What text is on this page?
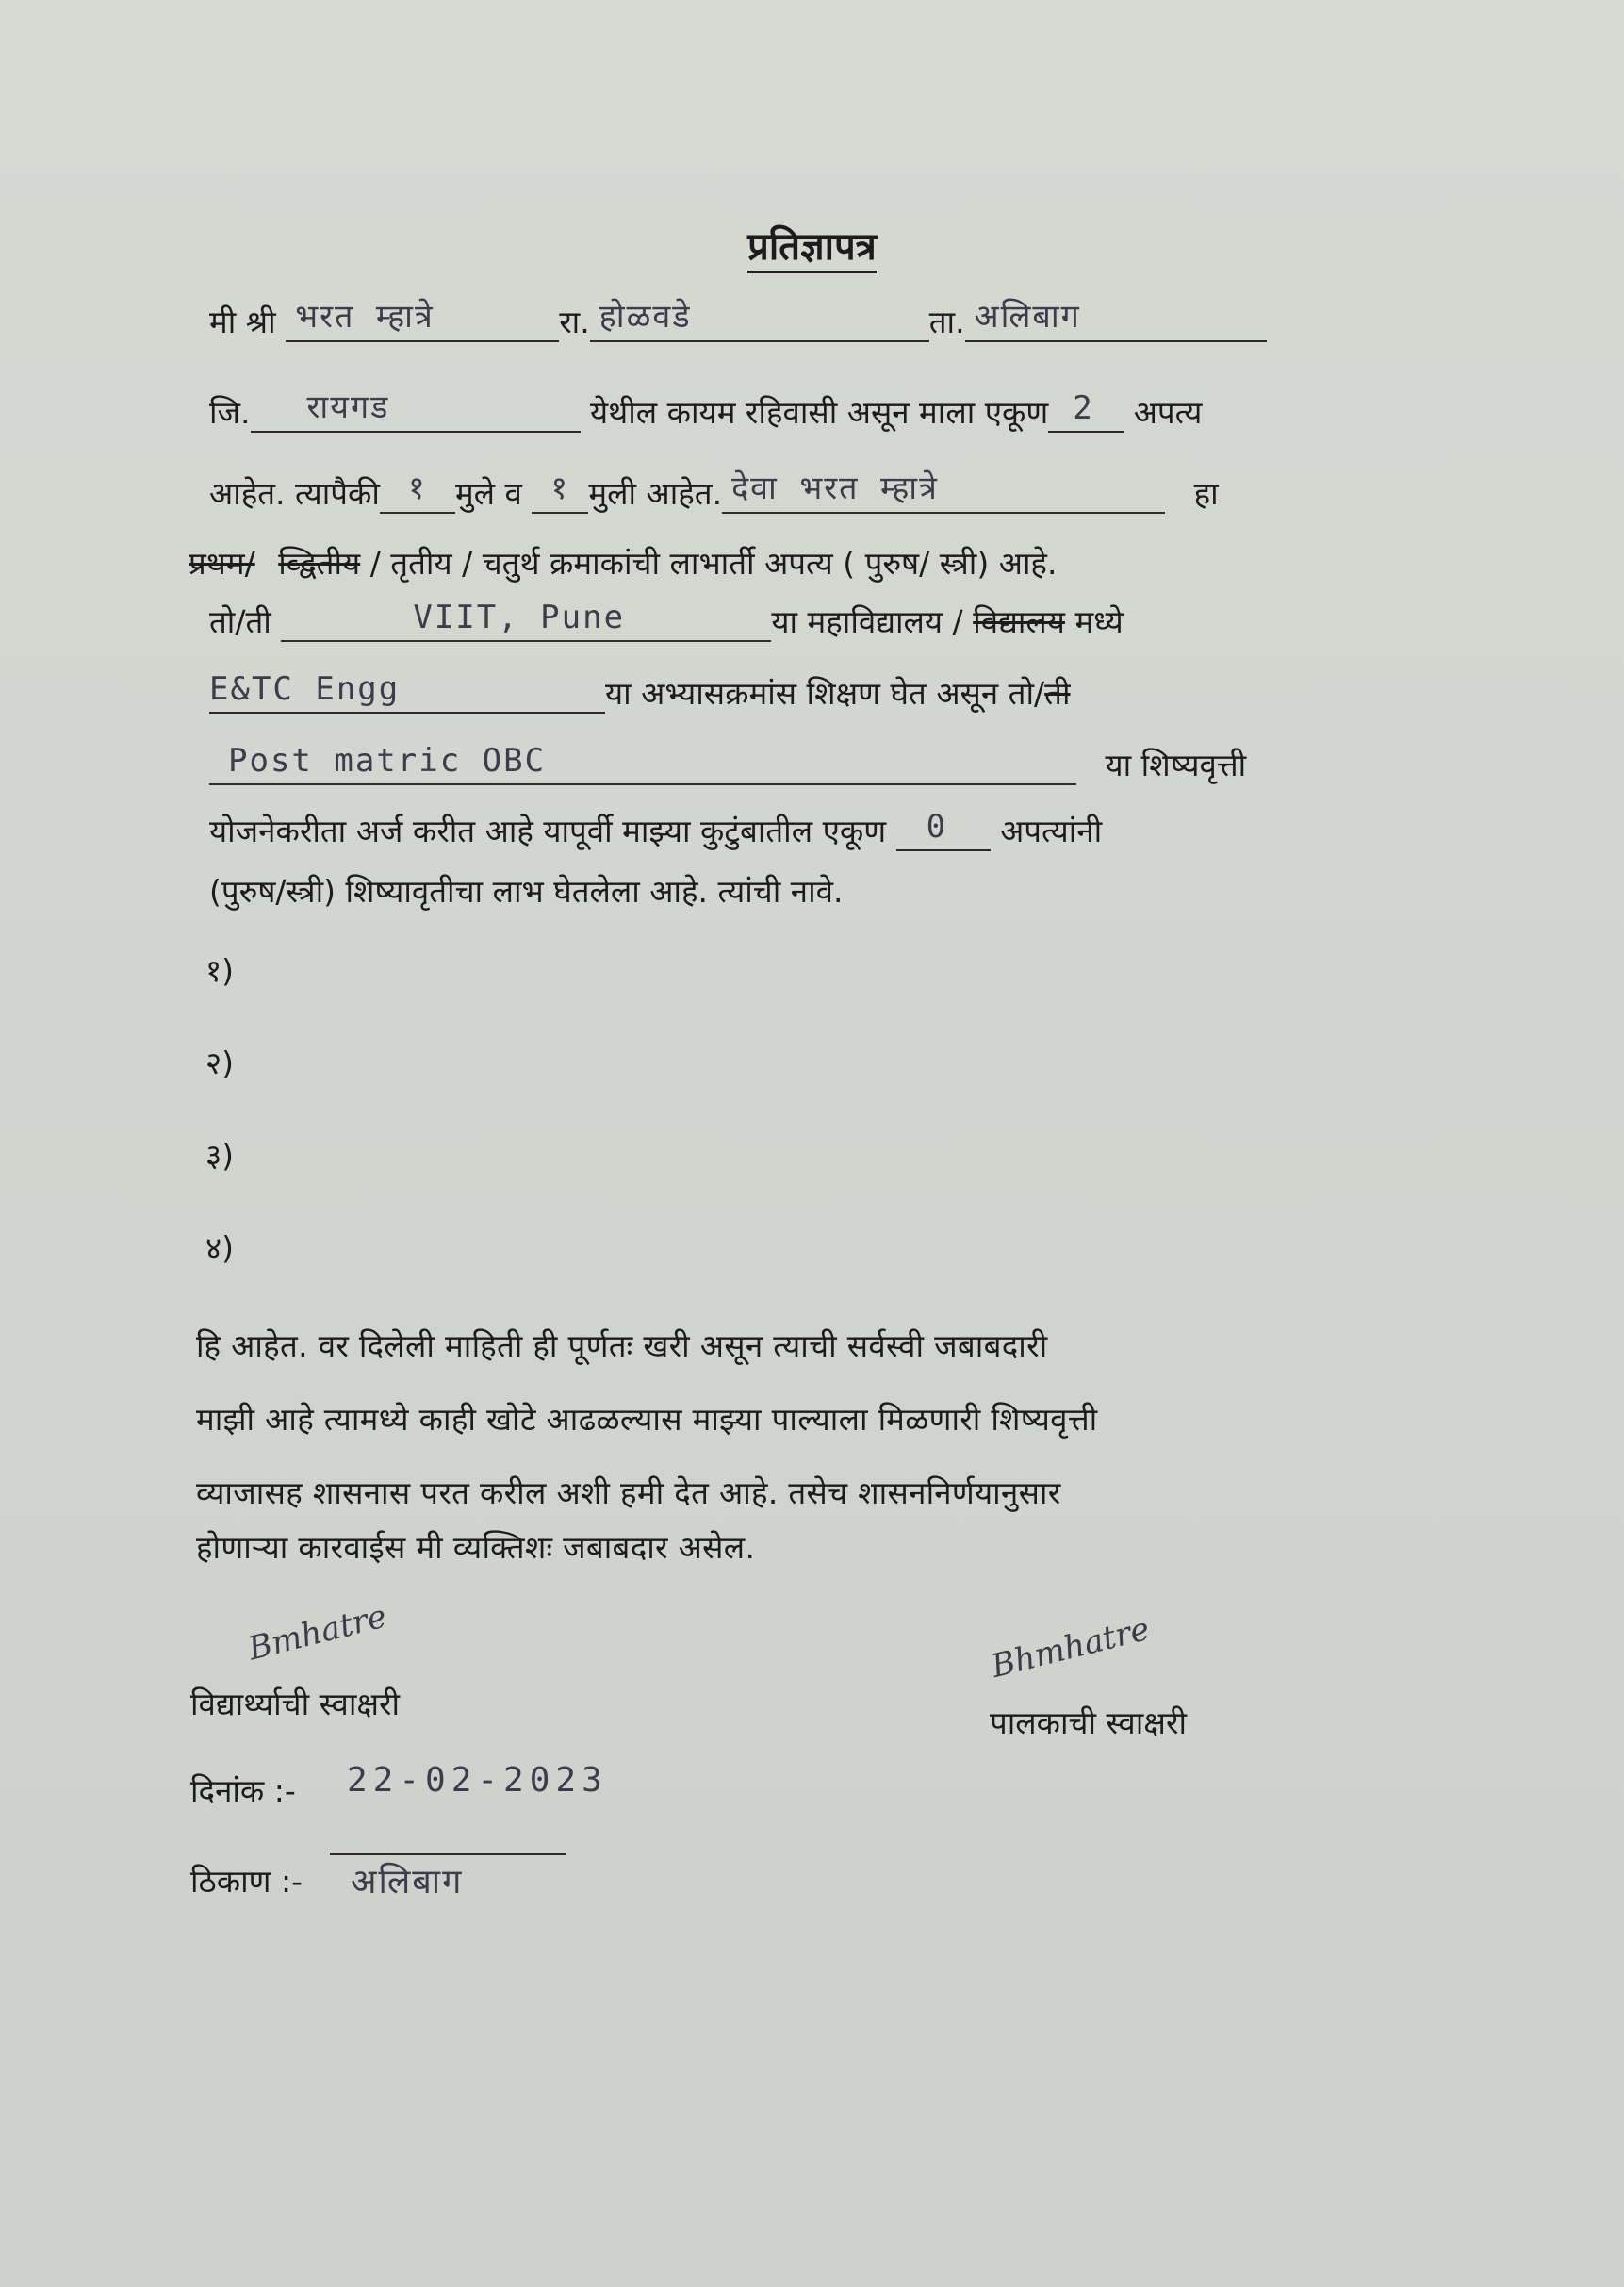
प्रतिज्ञापत्र
मी श्री भरत म्हात्रे	रा. होळवडे	ता. अलिबाग
जि. रायगड	येथील कायम रहिवासी असून माला एकूण 2 अपत्य
आहेत. त्यापैकी १ मुले व १ मुली आहेत. देवा भरत म्हात्रे	हा
प्रथम/ व्द्वितीय / तृतीय / चतुर्थ क्रमाकांची लाभार्ती अपत्य ( पुरुष/ स्त्री) आहे.
तो/ती	VIIT, Pune	या महाविद्यालय / विद्यालय मध्ये
E&TC Engg	या अभ्यासक्रमांस शिक्षण घेत असून तो/ती
Post matric OBC	या शिष्यवृत्ती
योजनेकरीता अर्ज करीत आहे यापूर्वी माझ्या कुटुंबातील एकूण 0 अपत्यांनी
(पुरुष/स्त्री) शिष्यावृतीचा लाभ घेतलेला आहे. त्यांची नावे.
१)
२)
३)
४)
हि आहेत. वर दिलेली माहिती ही पूर्णतः खरी असून त्याची सर्वस्वी जबाबदारी
माझी आहे त्यामध्ये काही खोटे आढळल्यास माझ्या पाल्याला मिळणारी शिष्यवृत्ती
व्याजासह शासनास परत करील अशी हमी देत आहे. तसेच शासननिर्णयानुसार
होणाऱ्या कारवाईस मी व्यक्तिशः जबाबदार असेल.
Bmhatre	Bhmhatre
विद्यार्थ्याची स्वाक्षरी
पालकाची स्वाक्षरी
दिनांक :- 22-02-2023
ठिकाण :- अलिबाग
